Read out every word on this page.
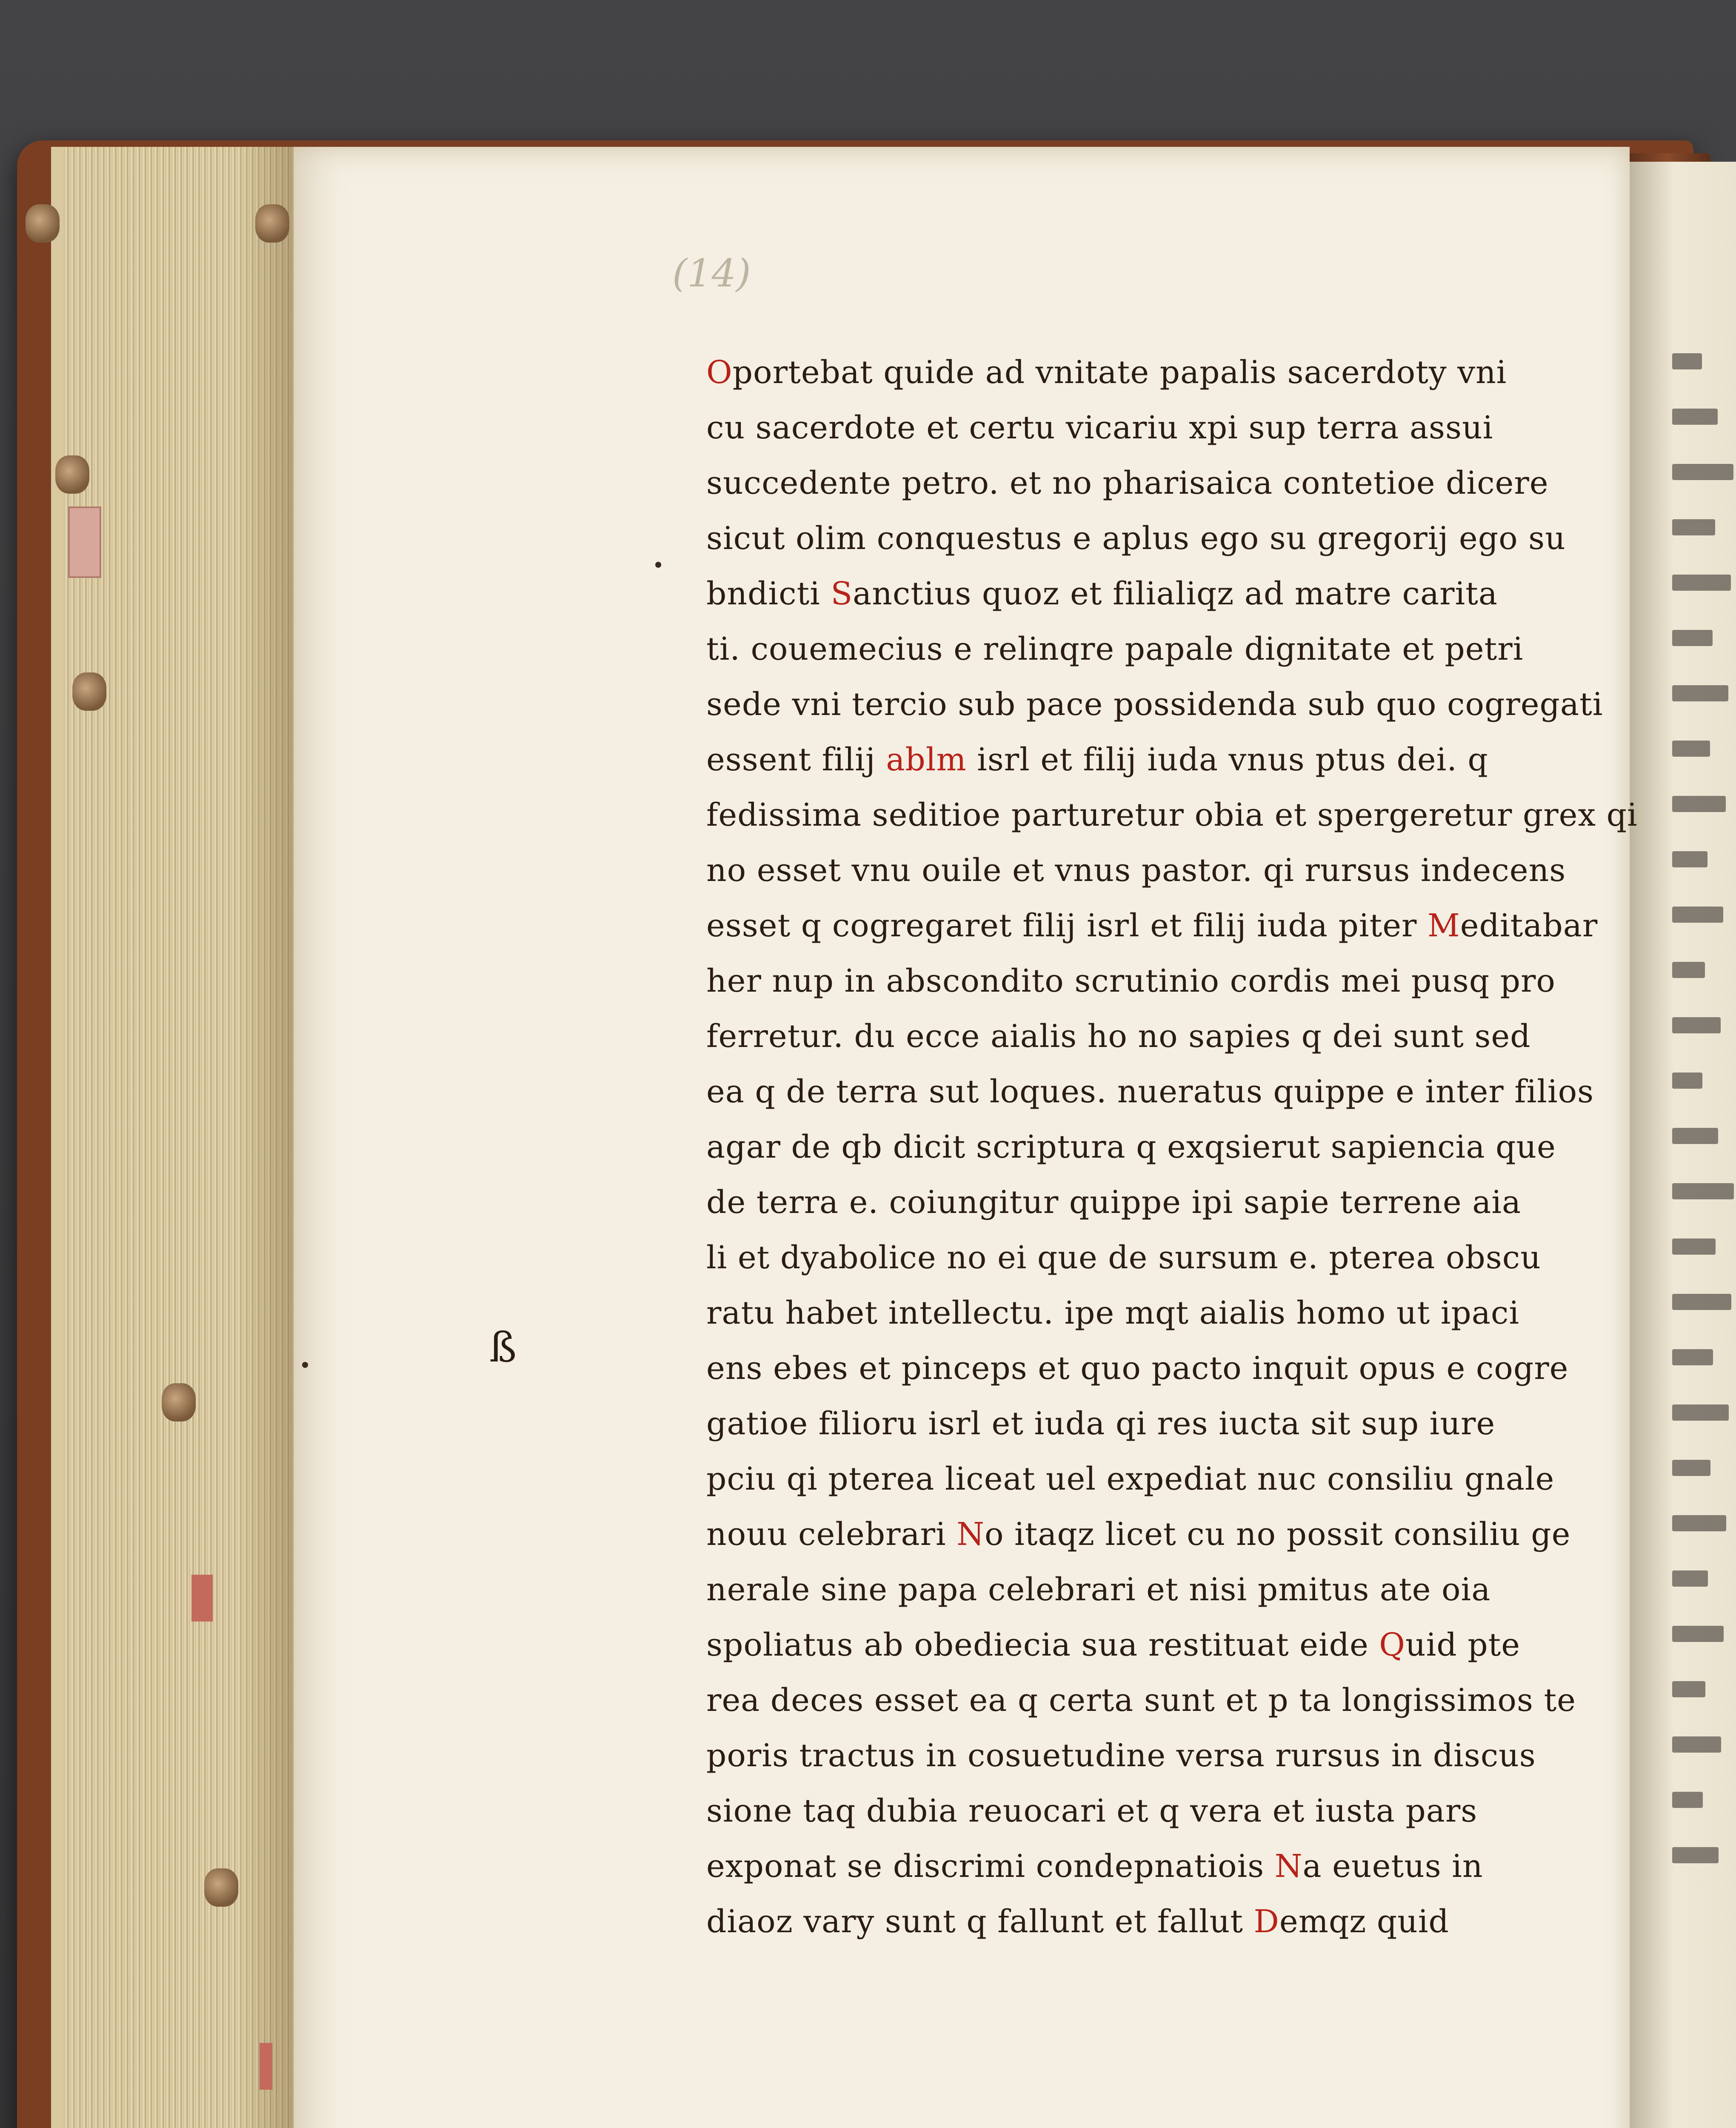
(14)
Oportebat quide ad vnitate papalis sacerdoty vni
cu sacerdote et certu vicariu xpi sup terra assui
succedente petro. et no pharisaica contetioe dicere
sicut olim conquestus e aplus ego su gregorij ego su
bndicti Sanctius quoz et filialiqz ad matre carita
ti. couemecius e relinqre papale dignitate et petri
sede vni tercio sub pace possidenda sub quo cogregati
essent filij ablm isrl et filij iuda vnus ptus dei. q
fedissima seditioe parturetur obia et spergeretur grex qi
no esset vnu ouile et vnus pastor. qi rursus indecens
esset q cogregaret filij isrl et filij iuda piter Meditabar
her nup in abscondito scrutinio cordis mei pusq pro
ferretur. du ecce aialis ho no sapies q dei sunt sed
ea q de terra sut loques. nueratus quippe e inter filios
agar de qb dicit scriptura q exqsierut sapiencia que
de terra e. coiungitur quippe ipi sapie terrene aia
li et dyabolice no ei que de sursum e. pterea obscu
ratu habet intellectu. ipe mqt aialis homo ut ipaci
ens ebes et pinceps et quo pacto inquit opus e cogre
gatioe filioru isrl et iuda qi res iucta sit sup iure
pciu qi pterea liceat uel expediat nuc consiliu gnale
nouu celebrari No itaqz licet cu no possit consiliu ge
nerale sine papa celebrari et nisi pmitus ate oia
spoliatus ab obediecia sua restituat eide Quid pte
rea deces esset ea q certa sunt et p ta longissimos te
poris tractus in cosuetudine versa rursus in discus
sione taq dubia reuocari et q vera et iusta pars
exponat se discrimi condepnatiois Na euetus in
diaoz vary sunt q fallunt et fallut Demqz quid
ß
